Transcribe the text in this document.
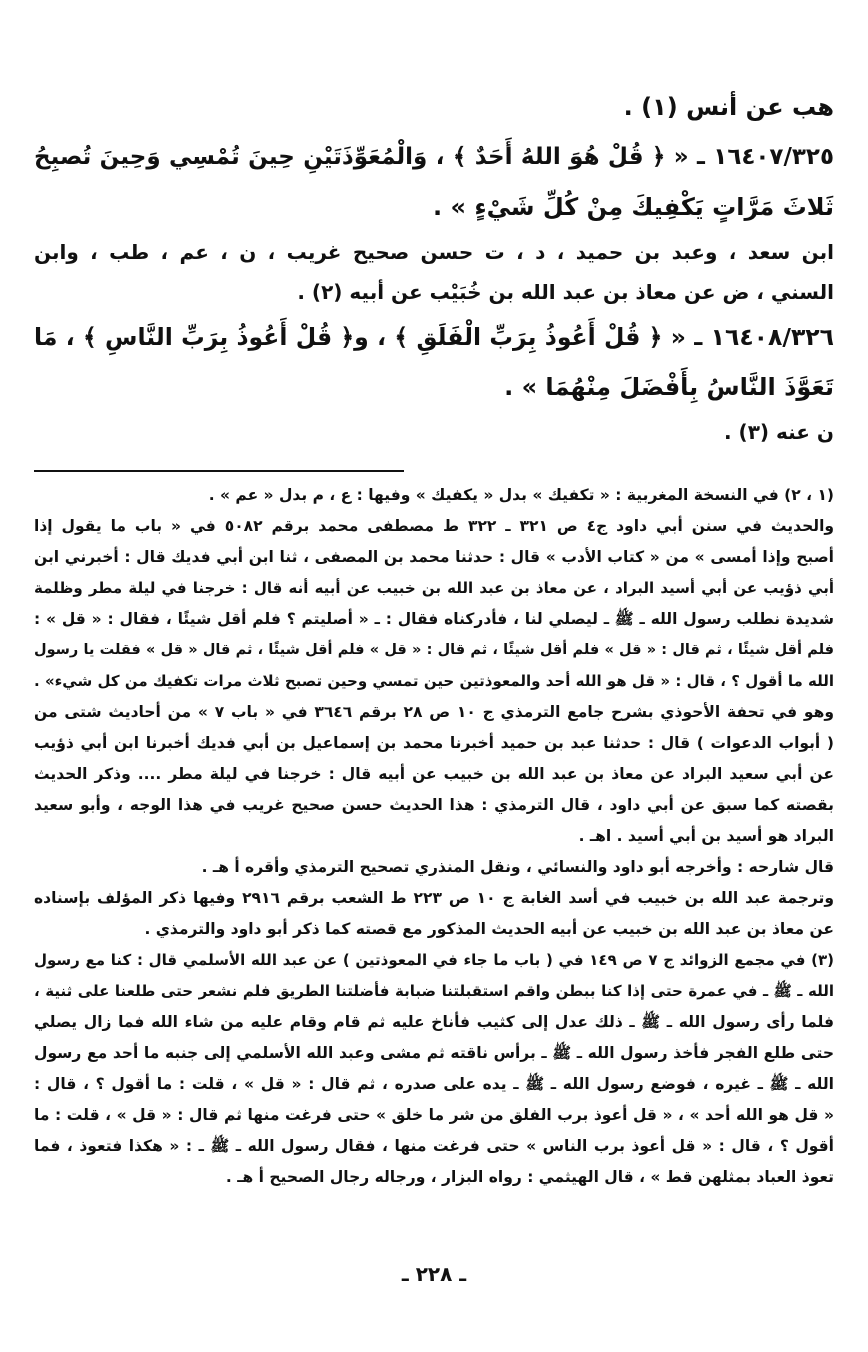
هب عن أنس (١) .
١٦٤٠٧/٣٢٥ ـ « ﴿ قُلْ هُوَ اللهُ أَحَدٌ ﴾ ، وَالْمُعَوِّذَتَيْنِ حِينَ تُمْسِي وَحِينَ تُصبِحُ
ثَلاثَ مَرَّاتٍ يَكْفِيكَ مِنْ كُلِّ شَيْءٍ » .
ابن سعد ، وعبد بن حميد ، د ، ت حسن صحيح غريب ، ن ، عم ، طب ، وابن
السني ، ض عن معاذ بن عبد الله بن خُبَيْب عن أبيه (٢) .
١٦٤٠٨/٣٢٦ ـ « ﴿ قُلْ أَعُوذُ بِرَبِّ الْفَلَقِ ﴾ ، و﴿ قُلْ أَعُوذُ بِرَبِّ النَّاسِ ﴾ ، مَا
تَعَوَّذَ النَّاسُ بِأَفْضَلَ مِنْهُمَا » .
ن عنه (٣) .
(١ ، ٢) في النسخة المغربية : « تكفيك » بدل « يكفيك » وفيها : ع ، م بدل « عم » .
والحديث في سنن أبي داود ج٤ ص ٣٢١ ـ ٣٢٢ ط مصطفى محمد برقم ٥٠٨٢ في « باب ما يقول إذا
أصبح وإذا أمسى » من « كتاب الأدب » قال : حدثنا محمد بن المصفى ، ثنا ابن أبي فديك قال : أخبرني ابن
أبي ذؤيب عن أبي أسيد البراد ، عن معاذ بن عبد الله بن خبيب عن أبيه أنه قال : خرجنا في ليلة مطر وظلمة
شديدة نطلب رسول الله ـ ﷺ ـ ليصلي لنا ، فأدركناه فقال : ـ « أصليتم ؟ فلم أقل شيئًا ، فقال : « قل » :
فلم أقل شيئًا ، ثم قال : « قل » فلم أقل شيئًا ، ثم قال : « قل » فلم أقل شيئًا ، ثم قال « قل » فقلت يا رسول
الله ما أقول ؟ ، قال : « قل هو الله أحد والمعوذتين حين تمسي وحين تصبح ثلاث مرات تكفيك من كل شيء» .
وهو في تحفة الأحوذي بشرح جامع الترمذي ج ١٠ ص ٢٨ برقم ٣٦٤٦ في « باب ٧ » من أحاديث شتى من
( أبواب الدعوات ) قال : حدثنا عبد بن حميد أخبرنا محمد بن إسماعيل بن أبي فديك أخبرنا ابن أبي ذؤيب
عن أبي سعيد البراد عن معاذ بن عبد الله بن خبيب عن أبيه قال : خرجنا في ليلة مطر .... وذكر الحديث
بقصته كما سبق عن أبي داود ، قال الترمذي : هذا الحديث حسن صحيح غريب في هذا الوجه ، وأبو سعيد
البراد هو أسيد بن أبي أسيد . اهـ .
قال شارحه : وأخرجه أبو داود والنسائي ، ونقل المنذري تصحيح الترمذي وأقره أ هـ .
وترجمة عبد الله بن خبيب في أسد الغابة ج ١٠ ص ٢٢٣ ط الشعب برقم ٢٩١٦ وفيها ذكر المؤلف بإسناده
عن معاذ بن عبد الله بن خبيب عن أبيه الحديث المذكور مع قصته كما ذكر أبو داود والترمذي .
(٣) في مجمع الزوائد ج ٧ ص ١٤٩ في ( باب ما جاء في المعوذتين ) عن عبد الله الأسلمي قال : كنا مع رسول
الله ـ ﷺ ـ في عمرة حتى إذا كنا ببطن واقم استقبلتنا ضبابة فأضلتنا الطريق فلم نشعر حتى طلعنا على ثنية ،
فلما رأى رسول الله ـ ﷺ ـ ذلك عدل إلى كثيب فأناخ عليه ثم قام وقام عليه من شاء الله فما زال يصلي
حتى طلع الفجر فأخذ رسول الله ـ ﷺ ـ برأس ناقته ثم مشى وعبد الله الأسلمي إلى جنبه ما أحد مع رسول
الله ـ ﷺ ـ غيره ، فوضع رسول الله ـ ﷺ ـ يده على صدره ، ثم قال : « قل » ، قلت : ما أقول ؟ ، قال :
« قل هو الله أحد » ، « قل أعوذ برب الفلق من شر ما خلق » حتى فرغت منها ثم قال : « قل » ، قلت : ما
أقول ؟ ، قال : « قل أعوذ برب الناس » حتى فرغت منها ، فقال رسول الله ـ ﷺ ـ : « هكذا فتعوذ ، فما
تعوذ العباد بمثلهن قط » ، قال الهيثمي : رواه البزار ، ورجاله رجال الصحيح أ هـ .
ـ ٢٢٨ ـ
